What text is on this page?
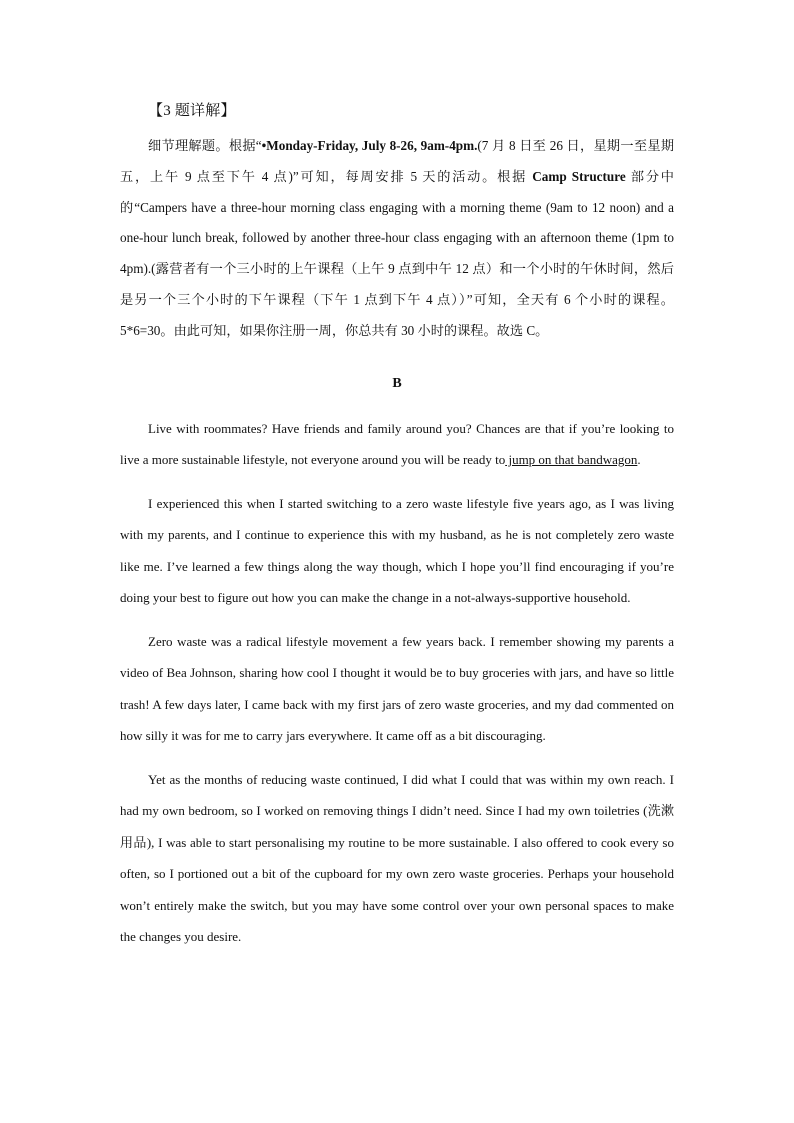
【3 题详解】

细节理解题。根据“•Monday-Friday, July 8-26, 9am-4pm.(7 月 8 日至 26 日，星期一至星期五，上午 9 点至下午 4 点)”可知，每周安排 5 天的活动。根据 Camp Structure 部分中的“Campers have a three-hour morning class engaging with a morning theme (9am to 12 noon) and a one-hour lunch break, followed by another three-hour class engaging with an afternoon theme (1pm to 4pm).(露营者有一个三小时的上午课程（上午 9 点到中午 12 点）和一个小时的午休时间，然后是另一个三个小时的下午课程（下午 1 点到下午 4 点））”可知，全天有 6 个小时的课程。5*6=30。由此可知，如果你注册一周，你总共有 30 小时的课程。故选 C。

B

Live with roommates? Have friends and family around you? Chances are that if you’re looking to live a more sustainable lifestyle, not everyone around you will be ready to jump on that bandwagon.

I experienced this when I started switching to a zero waste lifestyle five years ago, as I was living with my parents, and I continue to experience this with my husband, as he is not completely zero waste like me. I’ve learned a few things along the way though, which I hope you’ll find encouraging if you’re doing your best to figure out how you can make the change in a not-always-supportive household.

Zero waste was a radical lifestyle movement a few years back. I remember showing my parents a video of Bea Johnson, sharing how cool I thought it would be to buy groceries with jars, and have so little trash! A few days later, I came back with my first jars of zero waste groceries, and my dad commented on how silly it was for me to carry jars everywhere. It came off as a bit discouraging.

Yet as the months of reducing waste continued, I did what I could that was within my own reach. I had my own bedroom, so I worked on removing things I didn’t need. Since I had my own toiletries (洗漱用品), I was able to start personalising my routine to be more sustainable. I also offered to cook every so often, so I portioned out a bit of the cupboard for my own zero waste groceries. Perhaps your household won’t entirely make the switch, but you may have some control over your own personal spaces to make the changes you desire.
